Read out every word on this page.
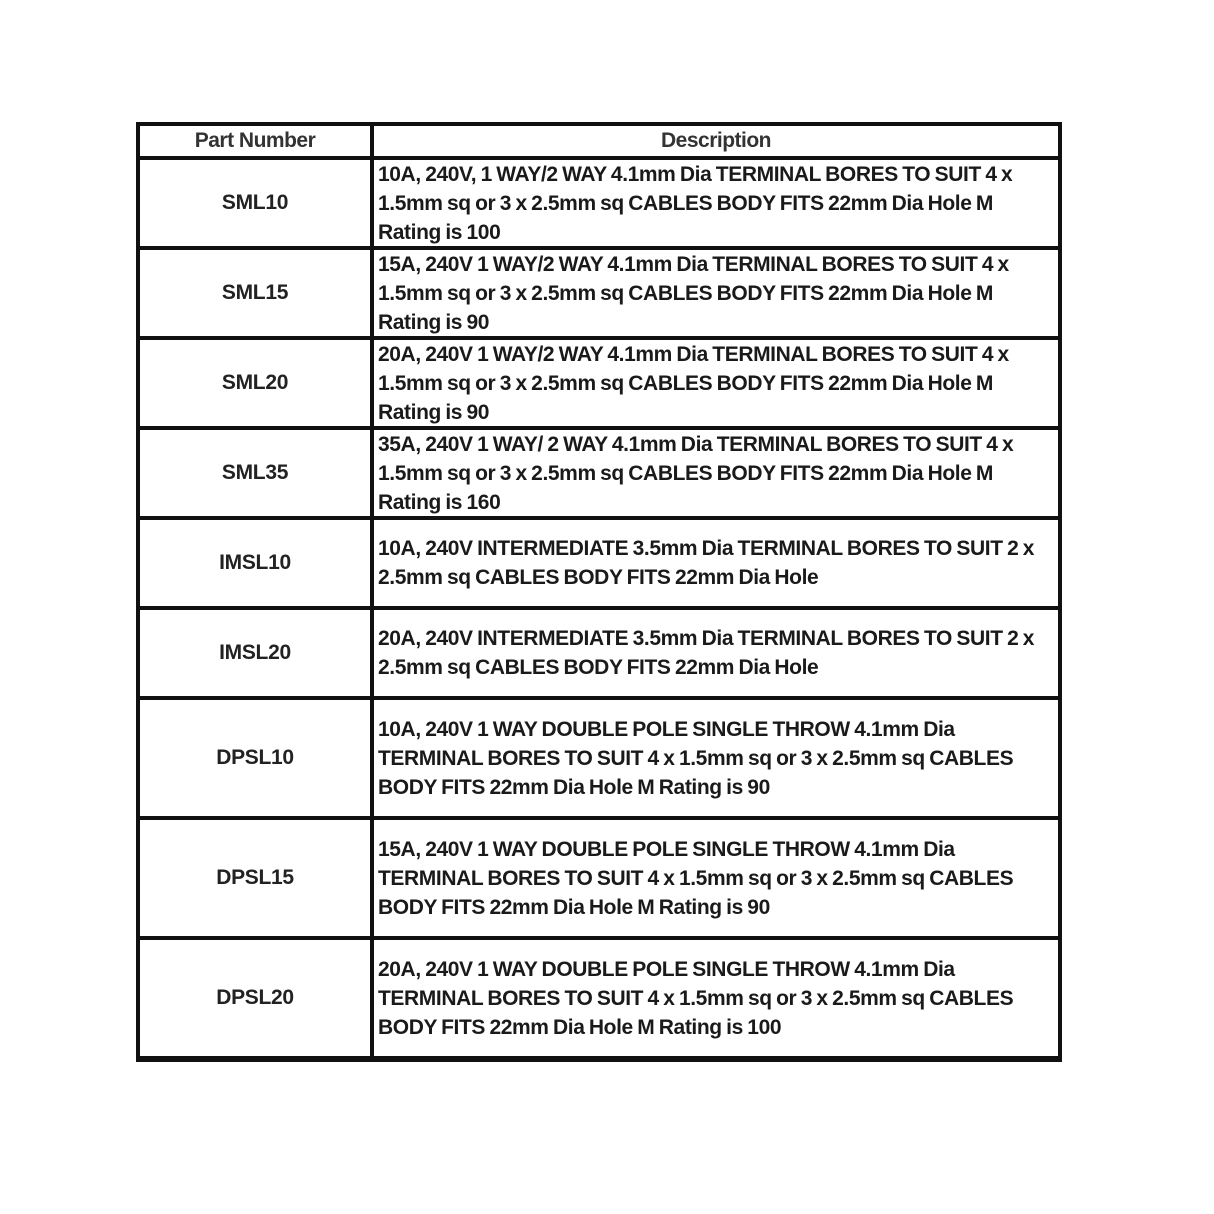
Part Number	Description
SML10
10A, 240V, 1 WAY/2 WAY 4.1mm Dia TERMINAL BORES TO SUIT 4 x 1.5mm sq or 3 x 2.5mm sq CABLES BODY FITS 22mm Dia Hole M Rating is 100
SML15
15A, 240V 1 WAY/2 WAY 4.1mm Dia TERMINAL BORES TO SUIT 4 x 1.5mm sq or 3 x 2.5mm sq CABLES BODY FITS 22mm Dia Hole M Rating is 90
SML20
20A, 240V 1 WAY/2 WAY 4.1mm Dia TERMINAL BORES TO SUIT 4 x 1.5mm sq or 3 x 2.5mm sq CABLES BODY FITS 22mm Dia Hole M Rating is 90
SML35
35A, 240V 1 WAY/ 2 WAY 4.1mm Dia TERMINAL BORES TO SUIT 4 x 1.5mm sq or 3 x 2.5mm sq CABLES BODY FITS 22mm Dia Hole M Rating is 160
IMSL10
10A, 240V INTERMEDIATE 3.5mm Dia TERMINAL BORES TO SUIT 2 x 2.5mm sq CABLES BODY FITS 22mm Dia Hole
IMSL20
20A, 240V INTERMEDIATE 3.5mm Dia TERMINAL BORES TO SUIT 2 x 2.5mm sq CABLES BODY FITS 22mm Dia Hole
DPSL10
10A, 240V 1 WAY DOUBLE POLE SINGLE THROW 4.1mm Dia TERMINAL BORES TO SUIT 4 x 1.5mm sq or 3 x 2.5mm sq CABLES BODY FITS 22mm Dia Hole M Rating is 90
DPSL15
15A, 240V 1 WAY DOUBLE POLE SINGLE THROW 4.1mm Dia TERMINAL BORES TO SUIT 4 x 1.5mm sq or 3 x 2.5mm sq CABLES BODY FITS 22mm Dia Hole M Rating is 90
DPSL20
20A, 240V 1 WAY DOUBLE POLE SINGLE THROW 4.1mm Dia TERMINAL BORES TO SUIT 4 x 1.5mm sq or 3 x 2.5mm sq CABLES BODY FITS 22mm Dia Hole M Rating is 100
